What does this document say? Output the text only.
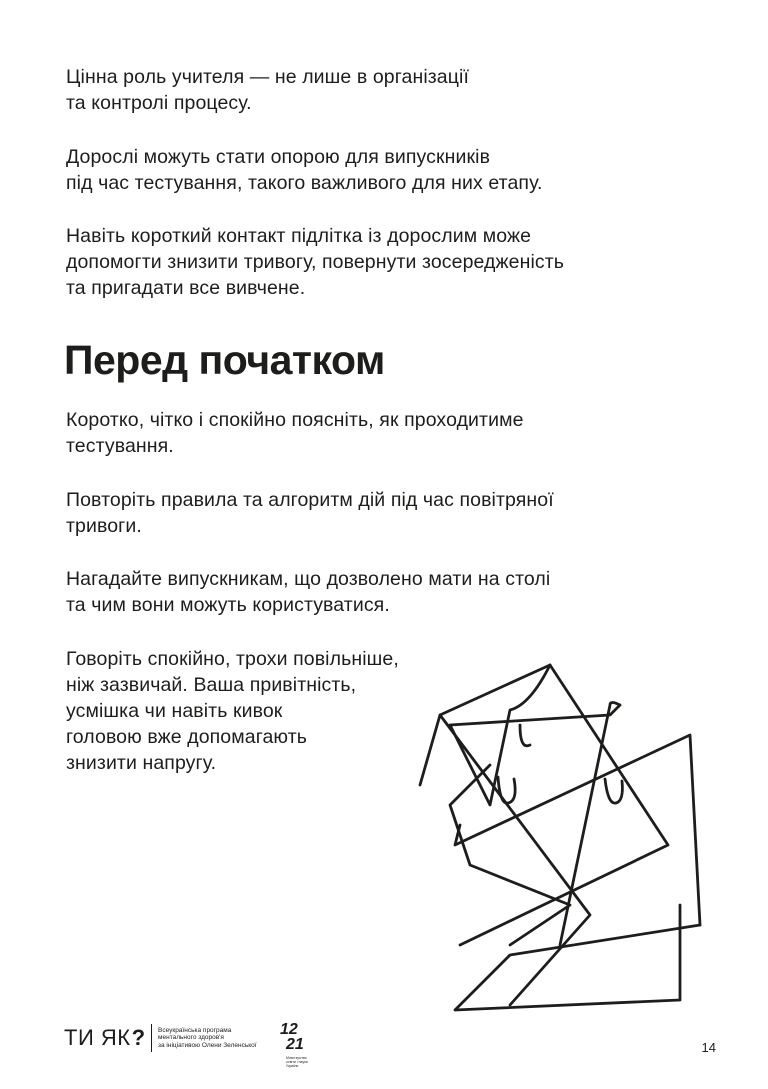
Цінна роль учителя — не лише в організації
та контролі процесу.

Дорослі можуть стати опорою для випускників
під час тестування, такого важливого для них етапу.

Навіть короткий контакт підлітка із дорослим може
допомогти знизити тривогу, повернути зосередженість
та пригадати все вивчене.

Перед початком

Коротко, чітко і спокійно поясніть, як проходитиме
тестування.

Повторіть правила та алгоритм дій під час повітряної
тривоги.

Нагадайте випускникам, що дозволено мати на столі
та чим вони можуть користуватися.

Говоріть спокійно, трохи повільніше,
ніж зазвичай. Ваша привітність,
усмішка чи навіть кивок
головою вже допомагають
знизити напругу.

ТИ ЯК ? Всеукраїнська програма
ментального здоров'я
за ініціативою Олени Зеленської
12
21
Міністерство
освіти і науки
України
14
